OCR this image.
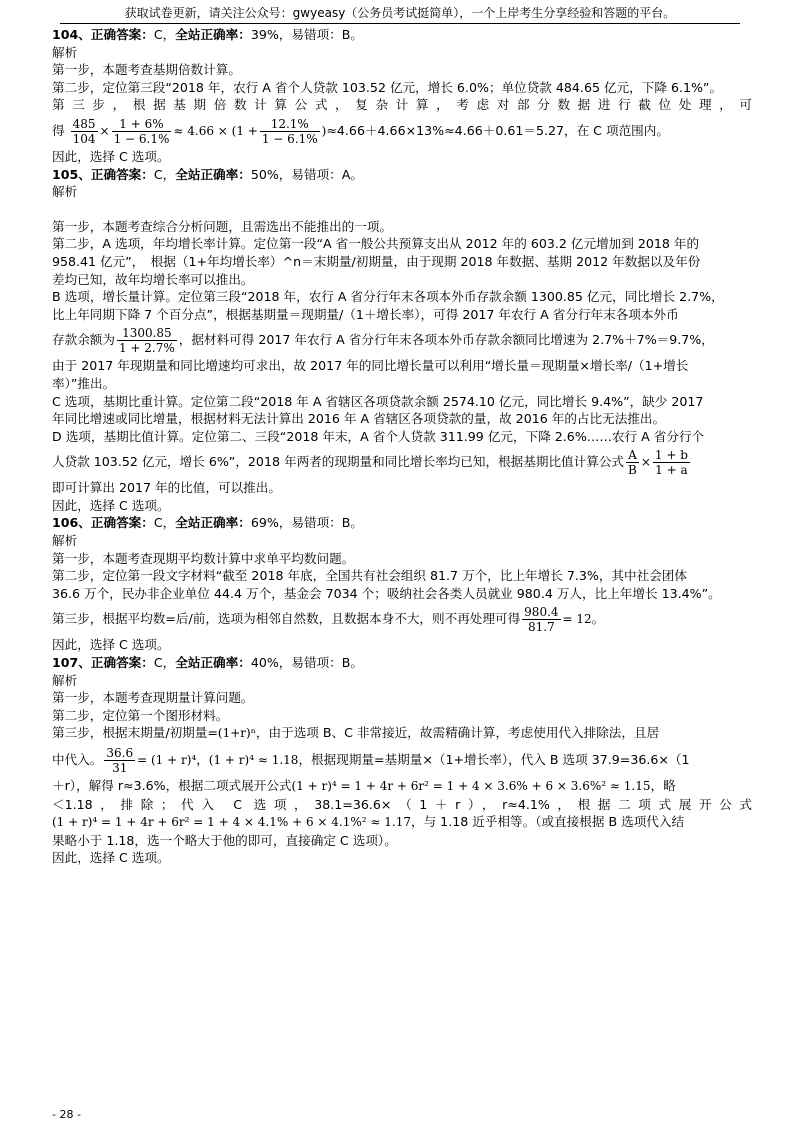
获取试卷更新，请关注公众号：gwyeasy（公务员考试挺简单），一个上岸考生分享经验和答题的平台。

104、正确答案：C，全站正确率：39%，易错项：B。

解析

第一步，本题考查基期倍数计算。

第二步，定位第三段“2018 年，农行 A 省个人贷款 103.52 亿元，增长 6.0%；单位贷款 484.65 亿元，下降 6.1%”。

第三步，根据基期倍数计算公式，复杂计算，考虑对部分数据进行截位处理，可

得 $\frac{485}{104} \times \frac{1 + 6\%}{1 - 6.1\%} \approx 4.66 \times (1 + \frac{12.1\%}{1 - 6.1\%} )\approx 4.66+4.66\times 13\%\approx 4.66+0.61=5.27$，在 C 项范围内。

因此，选择 C 选项。

105、正确答案：C，全站正确率：50%，易错项：A。

解析

第一步，本题考查综合分析问题，且需选出不能推出的一项。

第二步，A 选项，年均增长率计算。定位第一段“A 省一般公共预算支出从 2012 年的 603.2 亿元增加到 2018 年的

958.41 亿元”，　根据（1+年均增长率）^n＝末期量/初期量，由于现期 2018 年数据、基期 2012 年数据以及年份

差均已知，故年均增长率可以推出。

B 选项，增长量计算。定位第三段“2018 年，农行 A 省分行年末各项本外币存款余额 1300.85 亿元，同比增长 2.7%，

比上年同期下降 7 个百分点”，根据基期量＝现期量/（1＋增长率），可得 2017 年农行 A 省分行年末各项本外币

存款余额为 $\frac{1300.85}{1 + 2.7\%}$ ，据材料可得 2017 年农行 A 省分行年末各项本外币存款余额同比增速为 2.7%＋7%＝9.7%，

由于 2017 年现期量和同比增速均可求出，故 2017 年的同比增长量可以利用“增长量＝现期量×增长率/（1+增长

率）”推出。

C 选项，基期比重计算。定位第二段“2018 年 A 省辖区各项贷款余额 2574.10 亿元，同比增长 9.4%”，缺少 2017

年同比增速或同比增量，根据材料无法计算出 2016 年 A 省辖区各项贷款的量，故 2016 年的占比无法推出。

D 选项，基期比值计算。定位第二、三段“2018 年末，A 省个人贷款 311.99 亿元，下降 2.6%……农行 A 省分行个

人贷款 103.52 亿元，增长 6%”，2018 年两者的现期量和同比增长率均已知，根据基期比值计算公式 $\frac{A}{B} \times \frac{1 + b}{1 + a}$

即可计算出 2017 年的比值，可以推出。

因此，选择 C 选项。

106、正确答案：C，全站正确率：69%，易错项：B。

解析

第一步，本题考查现期平均数计算中求单平均数问题。

第二步，定位第一段文字材料“截至 2018 年底，全国共有社会组织 81.7 万个，比上年增长 7.3%，其中社会团体

36.6 万个，民办非企业单位 44.4 万个，基金会 7034 个；吸纳社会各类人员就业 980.4 万人，比上年增长 13.4%”。

第三步，根据平均数=后/前，选项为相邻自然数，且数据本身不大，则不再处理可得 $\frac{980.4}{81.7} = 12$。

因此，选择 C 选项。

107、正确答案：C，全站正确率：40%，易错项：B。

解析

第一步，本题考查现期量计算问题。

第二步，定位第一个图形材料。

第三步，根据末期量/初期量=(1+r)ⁿ，由于选项 B、C 非常接近，故需精确计算，考虑使用代入排除法，且居

中代入。 $\frac{36.6}{31} = (1 + r)^4$，(1 + r)⁴ ≈ 1.18，根据现期量=基期量×（1+增长率），代入 B 选项 37.9=36.6×（1

＋r），解得 r≈3.6%，根据二项式展开公式(1 + r)⁴ = 1 + 4r + 6r² = 1 + 4 × 3.6% + 6 × 3.6%² ≈ 1.15，略

＜1.18，排除；代入 C 选项，38.1=36.6×（1＋r），r≈4.1%，根据二项式展开公式

(1 + r)⁴ = 1 + 4r + 6r² = 1 + 4 × 4.1% + 6 × 4.1%² ≈ 1.17，与 1.18 近乎相等。（或直接根据 B 选项代入结

果略小于 1.18，选一个略大于他的即可，直接确定 C 选项）。

因此，选择 C 选项。

- 28 -
